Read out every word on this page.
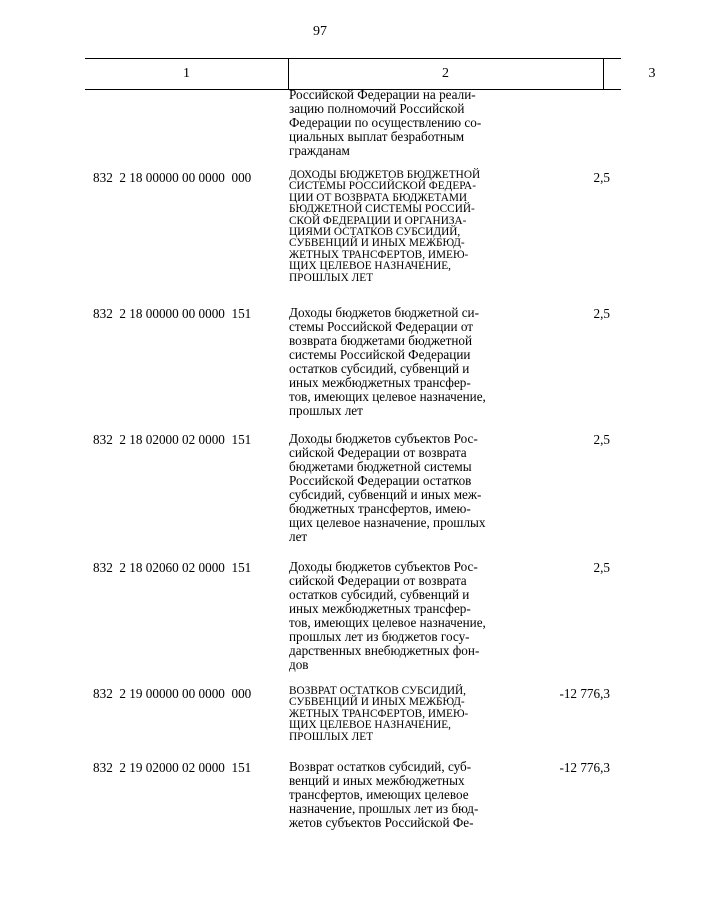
97
1	2	3
Российской Федерации на реали-
зацию полномочий Российской
Федерации по осуществлению со-
циальных выплат безработным
гражданам
832  2 18 00000 00 0000  000	ДОХОДЫ БЮДЖЕТОВ БЮДЖЕТНОЙ
СИСТЕМЫ РОССИЙСКОЙ ФЕДЕРА-
ЦИИ ОТ ВОЗВРАТА БЮДЖЕТАМИ
БЮДЖЕТНОЙ СИСТЕМЫ РОССИЙ-
СКОЙ ФЕДЕРАЦИИ И ОРГАНИЗА-
ЦИЯМИ ОСТАТКОВ СУБСИДИЙ,
СУБВЕНЦИЙ И ИНЫХ МЕЖБЮД-
ЖЕТНЫХ ТРАНСФЕРТОВ, ИМЕЮ-
ЩИХ ЦЕЛЕВОЕ НАЗНАЧЕНИЕ,
ПРОШЛЫХ ЛЕТ
2,5
832  2 18 00000 00 0000  151	Доходы бюджетов бюджетной си-
стемы Российской Федерации от
возврата бюджетами бюджетной
системы Российской Федерации
остатков субсидий, субвенций и
иных межбюджетных трансфер-
тов, имеющих целевое назначение,
прошлых лет
2,5
832  2 18 02000 02 0000  151	Доходы бюджетов субъектов Рос-
сийской Федерации от возврата
бюджетами бюджетной системы
Российской Федерации остатков
субсидий, субвенций и иных меж-
бюджетных трансфертов, имею-
щих целевое назначение, прошлых
лет
2,5
832  2 18 02060 02 0000  151	Доходы бюджетов субъектов Рос-
сийской Федерации от возврата
остатков субсидий, субвенций и
иных межбюджетных трансфер-
тов, имеющих целевое назначение,
прошлых лет из бюджетов госу-
дарственных внебюджетных фон-
дов
2,5
832  2 19 00000 00 0000  000	ВОЗВРАТ ОСТАТКОВ СУБСИДИЙ,
СУБВЕНЦИЙ И ИНЫХ МЕЖБЮД-
ЖЕТНЫХ ТРАНСФЕРТОВ, ИМЕЮ-
ЩИХ ЦЕЛЕВОЕ НАЗНАЧЕНИЕ,
ПРОШЛЫХ ЛЕТ
-12 776,3
832  2 19 02000 02 0000  151	Возврат остатков субсидий, суб-
венций и иных межбюджетных
трансфертов, имеющих целевое
назначение, прошлых лет из бюд-
жетов субъектов Российской Фе-
-12 776,3
